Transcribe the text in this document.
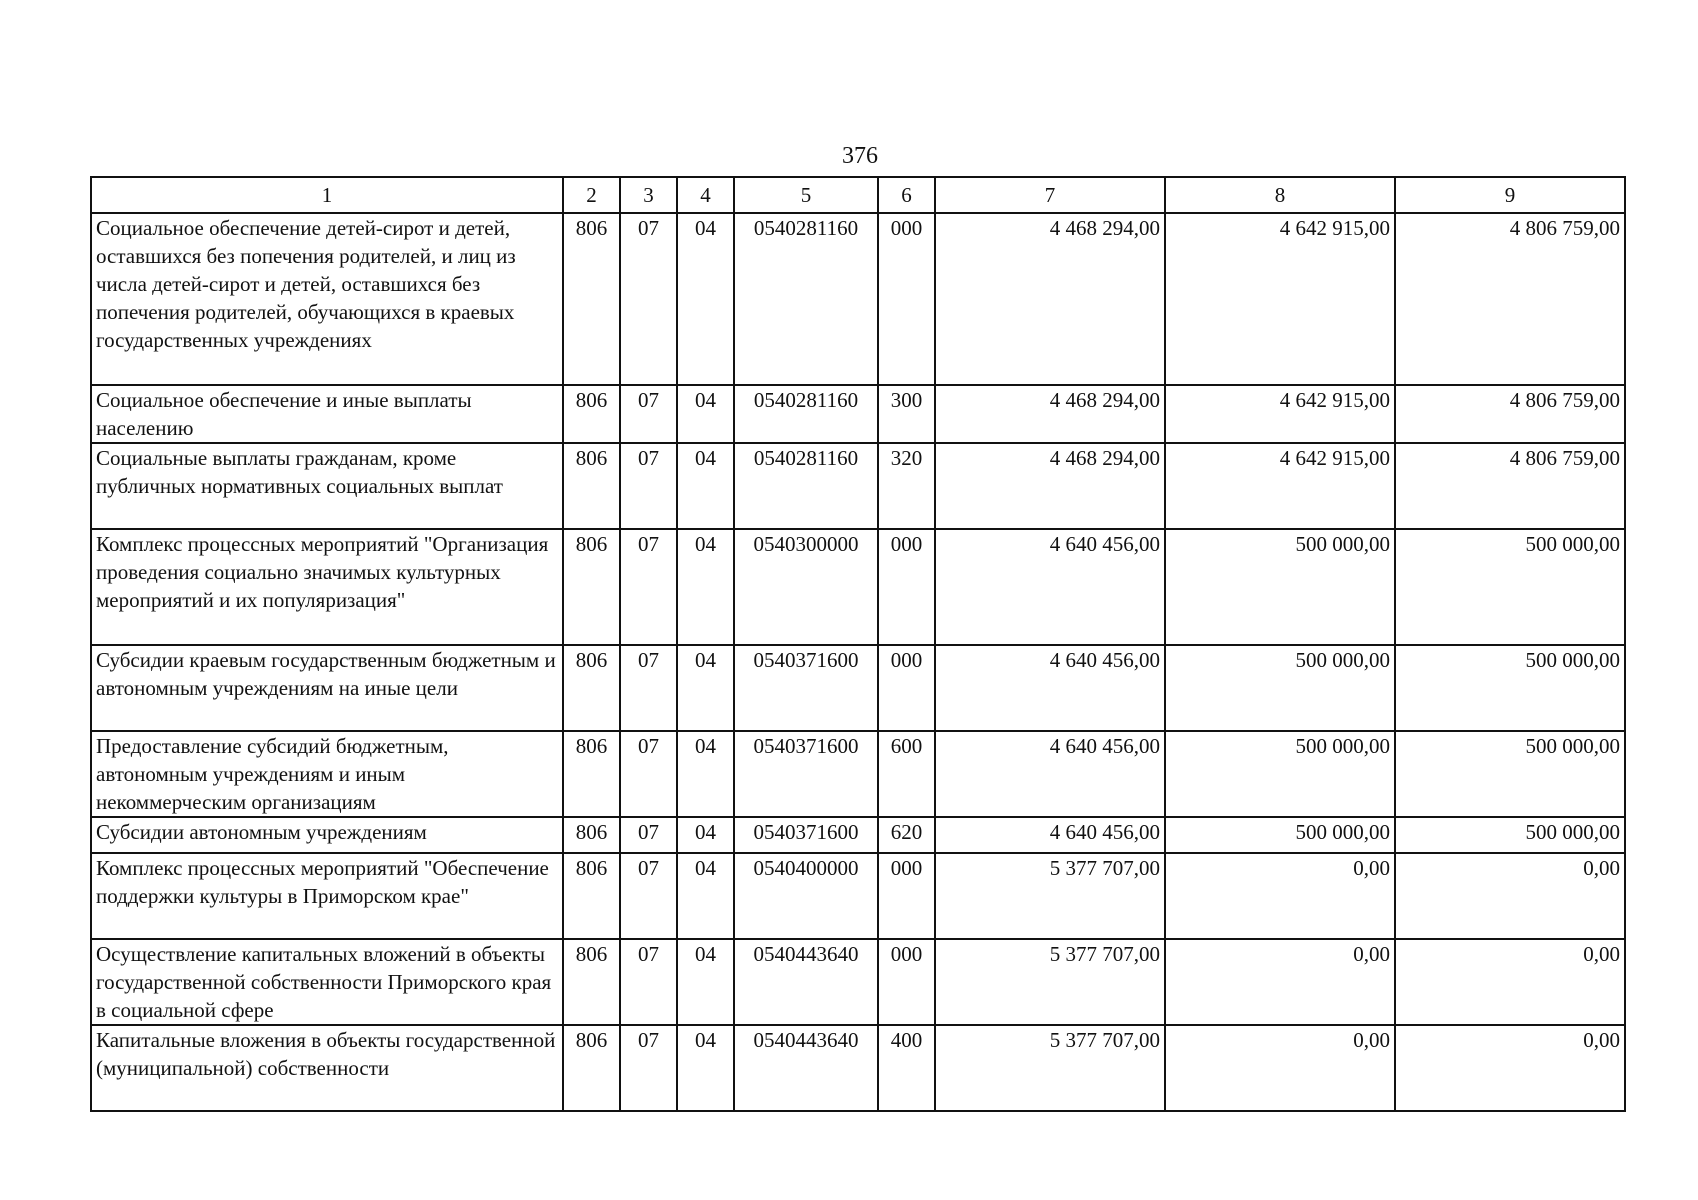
376
1	2	3	4	5	6	7	8	9
Социальное обеспечение детей-сирот и детей, оставшихся без попечения родителей, и лиц из числа детей-сирот и детей, оставшихся без попечения родителей, обучающихся в краевых государственных учреждениях	806	07	04	0540281160	000	4 468 294,00	4 642 915,00	4 806 759,00
Социальное обеспечение и иные выплаты населению	806	07	04	0540281160	300	4 468 294,00	4 642 915,00	4 806 759,00
Социальные выплаты гражданам, кроме публичных нормативных социальных выплат	806	07	04	0540281160	320	4 468 294,00	4 642 915,00	4 806 759,00
Комплекс процессных мероприятий "Организация проведения социально значимых культурных мероприятий и их популяризация"	806	07	04	0540300000	000	4 640 456,00	500 000,00	500 000,00
Субсидии краевым государственным бюджетным и автономным учреждениям на иные цели	806	07	04	0540371600	000	4 640 456,00	500 000,00	500 000,00
Предоставление субсидий бюджетным, автономным учреждениям и иным некоммерческим организациям	806	07	04	0540371600	600	4 640 456,00	500 000,00	500 000,00
Субсидии автономным учреждениям	806	07	04	0540371600	620	4 640 456,00	500 000,00	500 000,00
Комплекс процессных мероприятий "Обеспечение поддержки культуры в Приморском крае"	806	07	04	0540400000	000	5 377 707,00	0,00	0,00
Осуществление капитальных вложений в объекты государственной собственности Приморского края в социальной сфере	806	07	04	0540443640	000	5 377 707,00	0,00	0,00
Капитальные вложения в объекты государственной (муниципальной) собственности	806	07	04	0540443640	400	5 377 707,00	0,00	0,00
